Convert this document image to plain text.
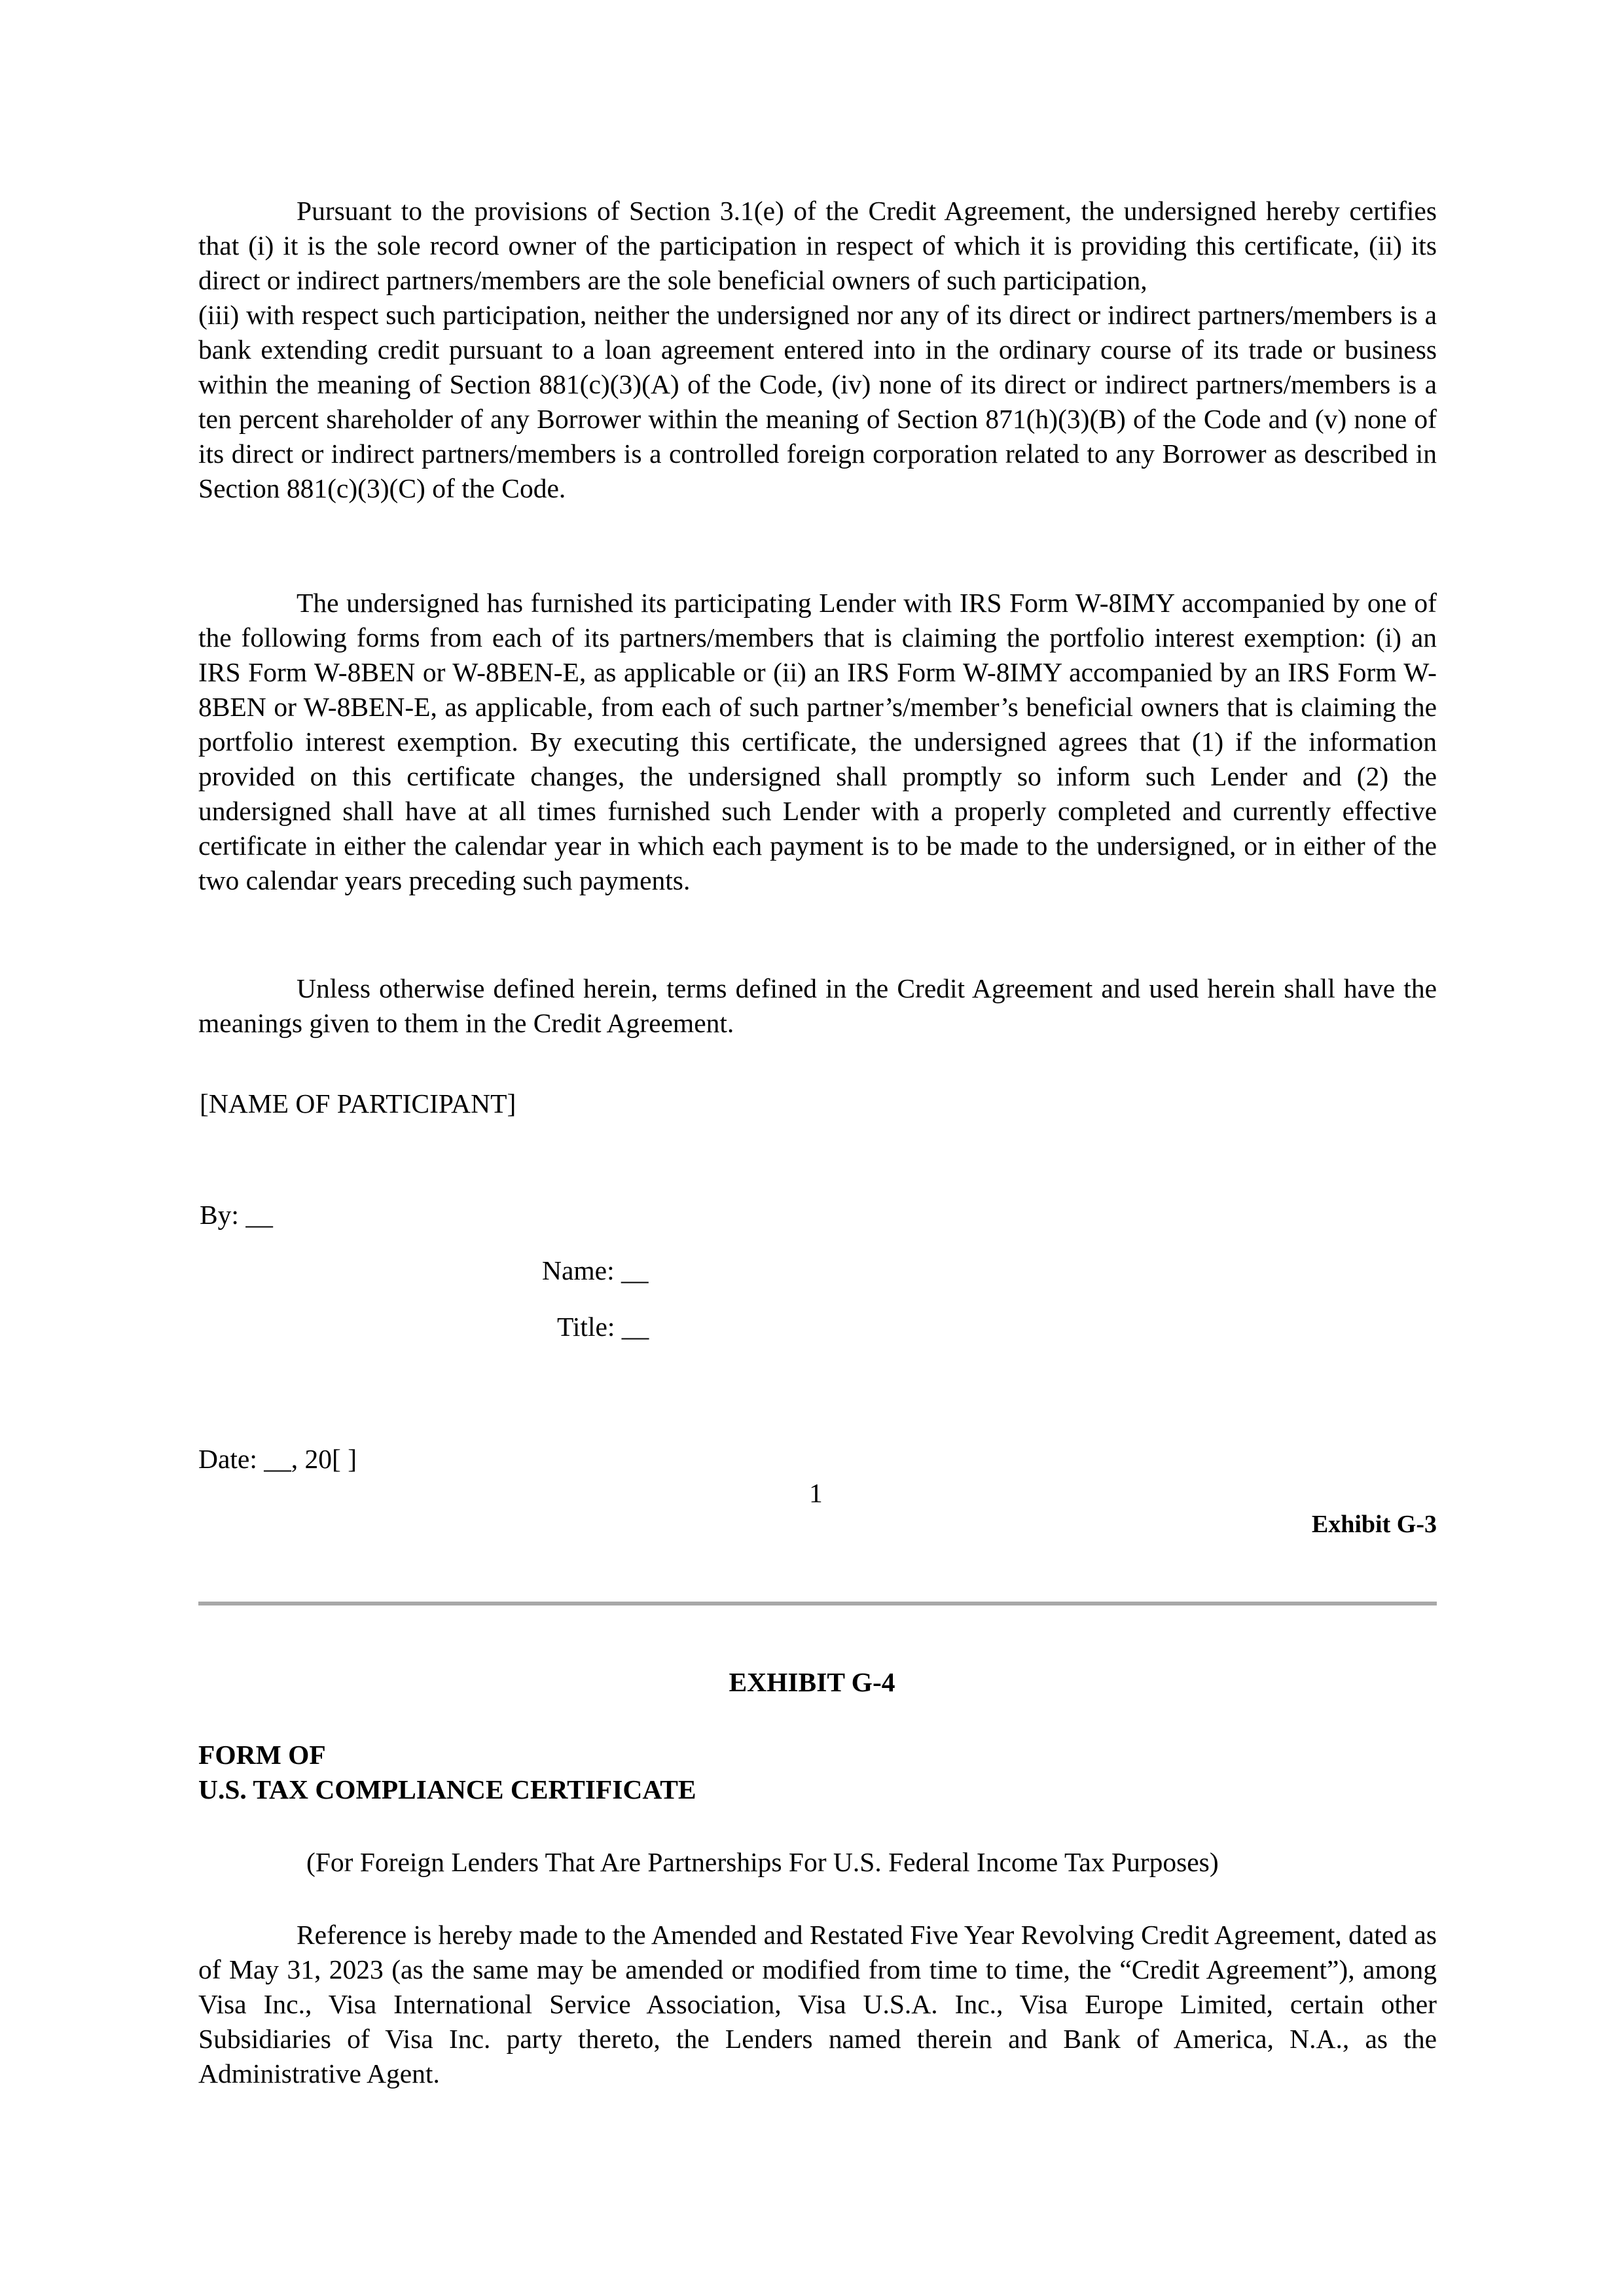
Pursuant to the provisions of Section 3.1(e) of the Credit Agreement, the undersigned hereby certifies that (i) it is the sole record owner of the participation in respect of which it is providing this certificate, (ii) its direct or indirect partners/members are the sole beneficial owners of such participation,

(iii) with respect such participation, neither the undersigned nor any of its direct or indirect partners/members is a bank extending credit pursuant to a loan agreement entered into in the ordinary course of its trade or business within the meaning of Section 881(c)(3)(A) of the Code, (iv) none of its direct or indirect partners/members is a ten percent shareholder of any Borrower within the meaning of Section 871(h)(3)(B) of the Code and (v) none of its direct or indirect partners/members is a controlled foreign corporation related to any Borrower as described in Section 881(c)(3)(C) of the Code.

The undersigned has furnished its participating Lender with IRS Form W-8IMY accompanied by one of the following forms from each of its partners/members that is claiming the portfolio interest exemption: (i) an IRS Form W-8BEN or W-8BEN-E, as applicable or (ii) an IRS Form W-8IMY accompanied by an IRS Form W-8BEN or W-8BEN-E, as applicable, from each of such partner’s/member’s beneficial owners that is claiming the portfolio interest exemption. By executing this certificate, the undersigned agrees that (1) if the information provided on this certificate changes, the undersigned shall promptly so inform such Lender and (2) the undersigned shall have at all times furnished such Lender with a properly completed and currently effective certificate in either the calendar year in which each payment is to be made to the undersigned, or in either of the two calendar years preceding such payments.

Unless otherwise defined herein, terms defined in the Credit Agreement and used herein shall have the meanings given to them in the Credit Agreement.

[NAME OF PARTICIPANT]
By: __
Name: __
Title: __
Date: __, 20[ ]
1
Exhibit G-3
EXHIBIT G-4
FORM OF
U.S. TAX COMPLIANCE CERTIFICATE
(For Foreign Lenders That Are Partnerships For U.S. Federal Income Tax Purposes)

Reference is hereby made to the Amended and Restated Five Year Revolving Credit Agreement, dated as of May 31, 2023 (as the same may be amended or modified from time to time, the “Credit Agreement”), among Visa Inc., Visa International Service Association, Visa U.S.A. Inc., Visa Europe Limited, certain other Subsidiaries of Visa Inc. party thereto, the Lenders named therein and Bank of America, N.A., as the Administrative Agent.
